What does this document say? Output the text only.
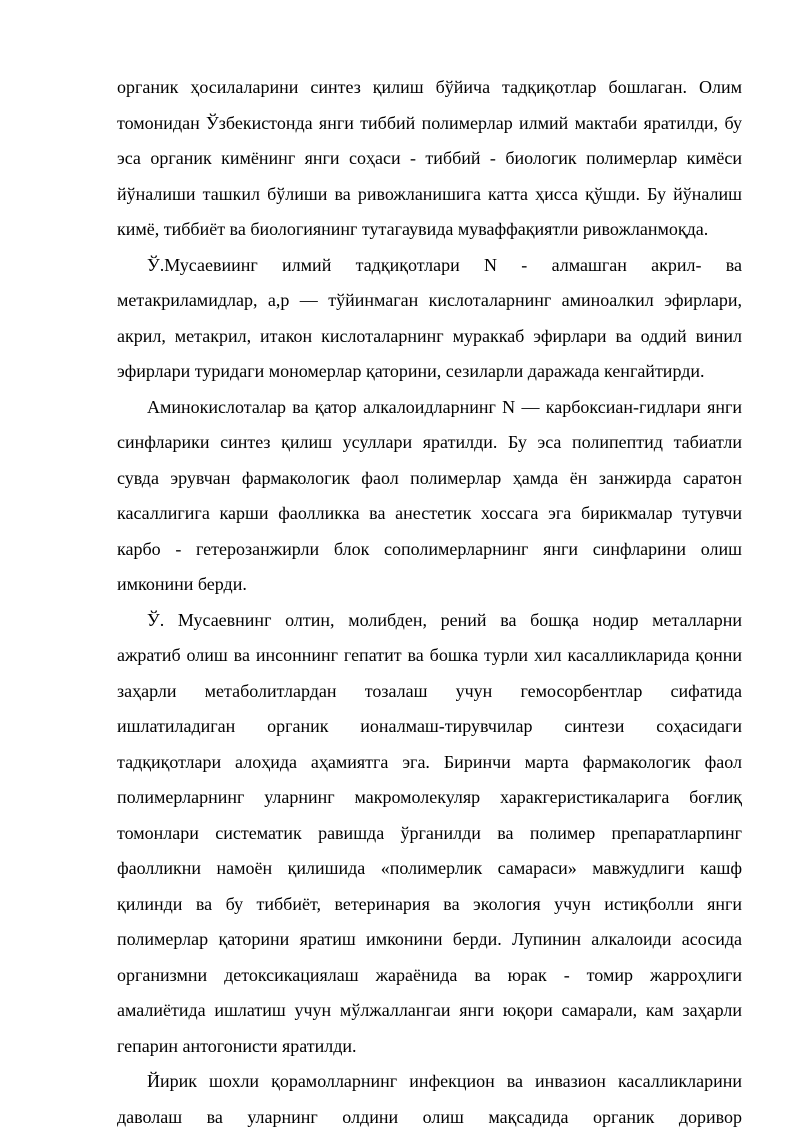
органик ҳосилаларини синтез қилиш бўйича тадқиқотлар бошлаган. Олим
томонидан Ўзбекистонда янги тиббий полимерлар илмий мактаби яратилди, бу
эса органик кимёнинг янги соҳаси - тиббий - биологик полимерлар кимёси
йўналиши ташкил бўлиши ва ривожланишига катта ҳисса қўшди. Бу йўналиш
кимё, тиббиёт ва биологиянинг тутагаувида муваффақиятли ривожланмоқда.
Ў.Мусаевиинг илмий тадқиқотлари N - алмашган акрил- ва
метакриламидлар, а,р — тўйинмаган кислоталарнинг аминоалкил эфирлари,
акрил, метакрил, итакон кислоталарнинг мураккаб эфирлари ва оддий винил
эфирлари туридаги мономерлар қаторини, сезиларли даражада кенгайтирди.
Аминокислоталар ва қатор алкалоидларнинг N — карбоксиан-гидлари янги
синфларики синтез қилиш усуллари яратилди. Бу эса полипептид табиатли
сувда эрувчан фармакологик фаол полимерлар ҳамда ён занжирда саратон
касаллигига карши фаолликка ва анестетик хоссага эга бирикмалар тутувчи
карбо - гетерозанжирли блок сополимерларнинг янги синфларини олиш
имконини берди.
Ў. Мусаевнинг олтин, молибден, рений ва бошқа нодир металларни
ажратиб олиш ва инсоннинг гепатит ва бошка турли хил касалликларида қонни
заҳарли метаболитлардан тозалаш учун гемосорбентлар сифатида
ишлатиладиган органик ионалмаш-тирувчилар синтези соҳасидаги
тадқиқотлари алоҳида аҳамиятга эга. Биринчи марта фармакологик фаол
полимерларнинг уларнинг макромолекуляр харакгеристикаларига боғлиқ
томонлари систематик равишда ўрганилди ва полимер препаратларпинг
фаолликни намоён қилишида «полимерлик самараси» мавжудлиги кашф
қилинди ва бу тиббиёт, ветеринария ва экология учун истиқболли янги
полимерлар қаторини яратиш имконини берди. Лупинин алкалоиди асосида
организмни детоксикациялаш жараёнида ва юрак - томир жарроҳлиги
амалиётида ишлатиш учун мўлжаллангаи янги юқори самарали, кам заҳарли
гепарин антогонисти яратилди.
Йирик шохли қорамолларнинг инфекцион ва инвазион касалликларини
даволаш ва уларнинг олдини олиш мақсадида органик доривор
